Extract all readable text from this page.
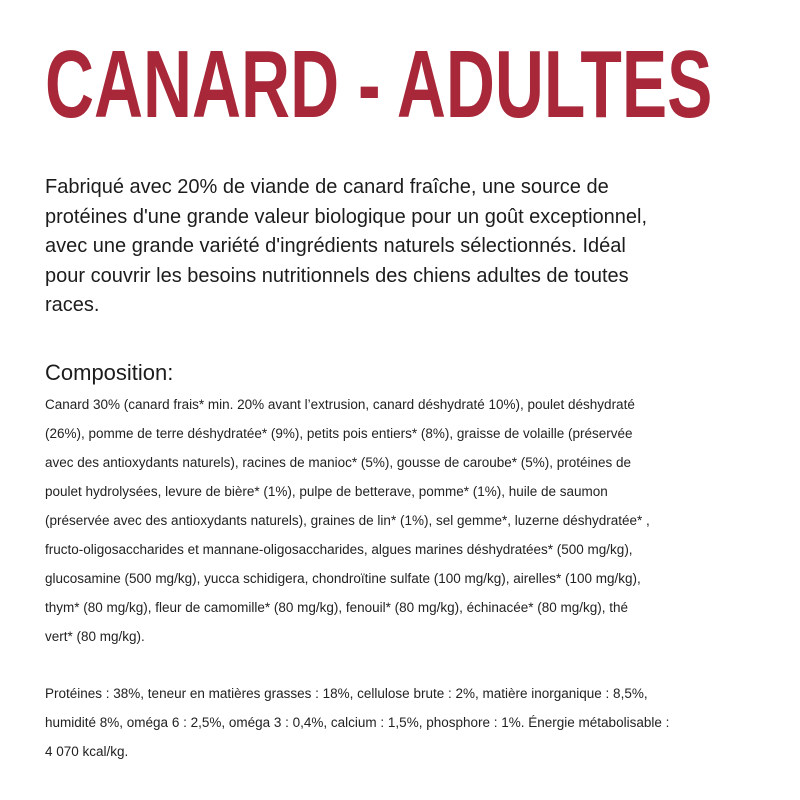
CANARD - ADULTES
Fabriqué avec 20% de viande de canard fraîche, une source de
protéines d'une grande valeur biologique pour un goût exceptionnel,
avec une grande variété d'ingrédients naturels sélectionnés. Idéal
pour couvrir les besoins nutritionnels des chiens adultes de toutes
races.
Composition:
Canard 30% (canard frais* min. 20% avant l’extrusion, canard déshydraté 10%), poulet déshydraté
(26%), pomme de terre déshydratée* (9%), petits pois entiers* (8%), graisse de volaille (préservée
avec des antioxydants naturels), racines de manioc* (5%), gousse de caroube* (5%), protéines de
poulet hydrolysées, levure de bière* (1%), pulpe de betterave, pomme* (1%), huile de saumon
(préservée avec des antioxydants naturels), graines de lin* (1%), sel gemme*, luzerne déshydratée* ,
fructo-oligosaccharides et mannane-oligosaccharides, algues marines déshydratées* (500 mg/kg),
glucosamine (500 mg/kg), yucca schidigera, chondroïtine sulfate (100 mg/kg), airelles* (100 mg/kg),
thym* (80 mg/kg), fleur de camomille* (80 mg/kg), fenouil* (80 mg/kg), échinacée* (80 mg/kg), thé
vert* (80 mg/kg).
Protéines : 38%, teneur en matières grasses : 18%, cellulose brute : 2%, matière inorganique : 8,5%,
humidité 8%, oméga 6 : 2,5%, oméga 3 : 0,4%, calcium : 1,5%, phosphore : 1%. Énergie métabolisable :
4 070 kcal/kg.
